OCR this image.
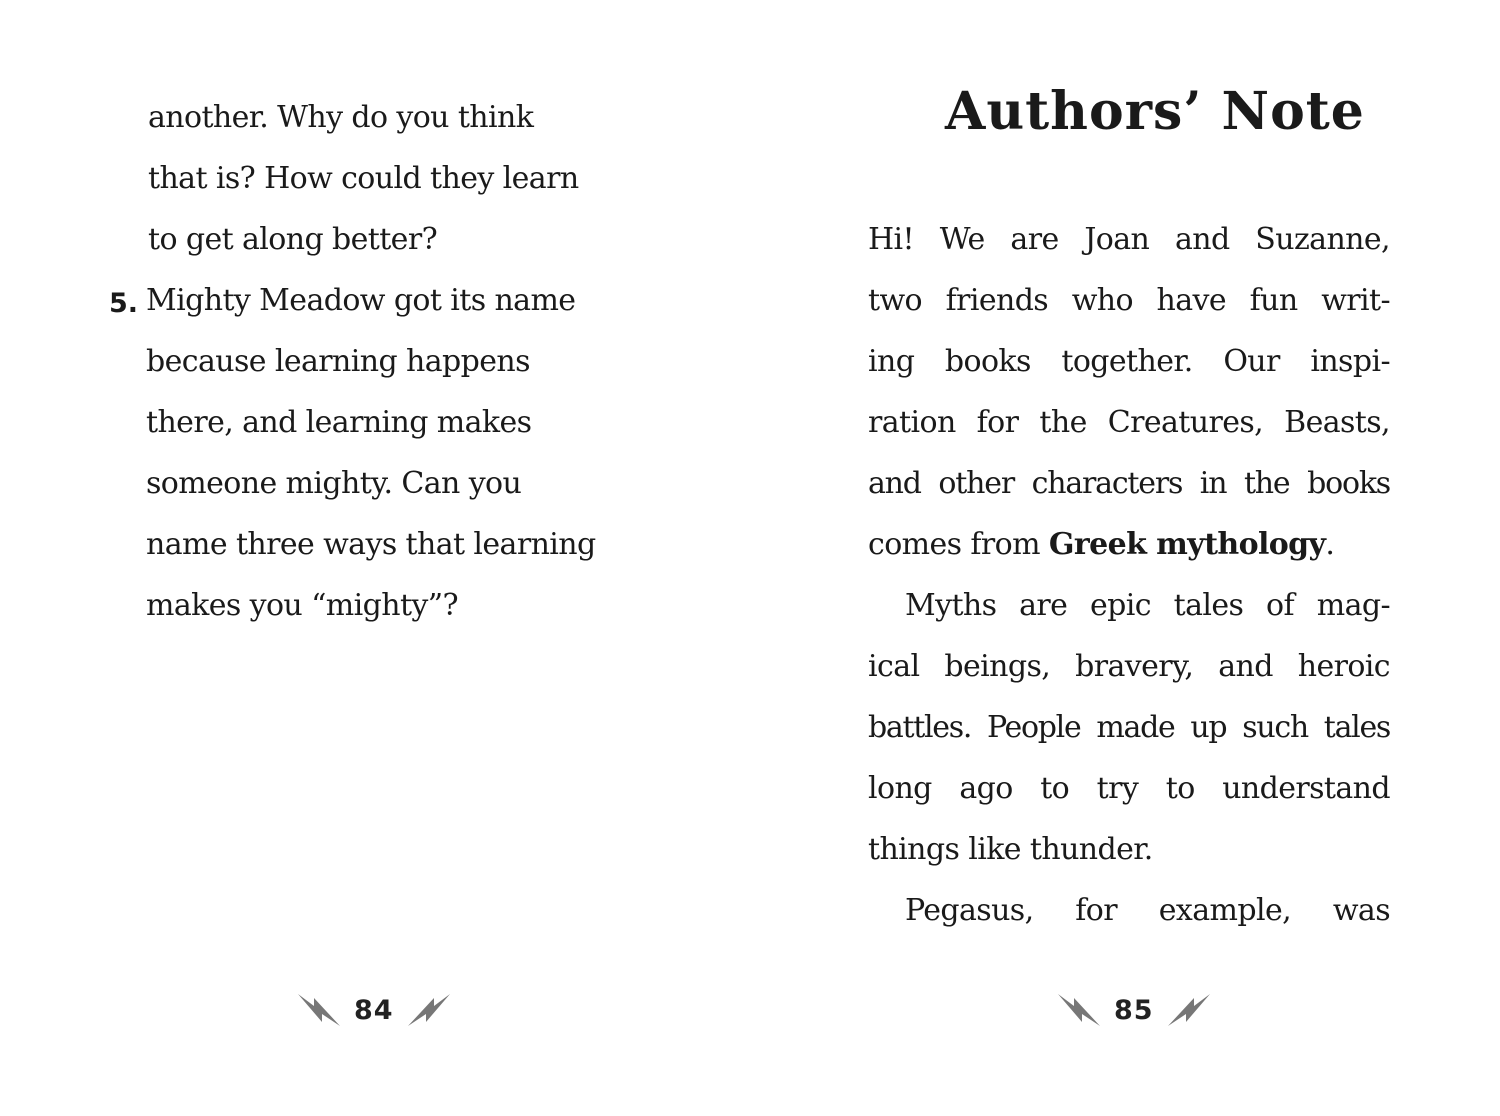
another. Why do you think
that is? How could they learn
to get along better?
5. Mighty Meadow got its name
because learning happens
there, and learning makes
someone mighty. Can you
name three ways that learning
makes you “mighty”?
84
Authors’ Note
Hi! We are Joan and Suzanne,
two friends who have fun writ-
ing books together. Our inspi-
ration for the Creatures, Beasts,
and other characters in the books
comes from Greek mythology.
Myths are epic tales of mag-
ical beings, bravery, and heroic
battles. People made up such tales
long ago to try to understand
things like thunder.
Pegasus, for example, was
85
